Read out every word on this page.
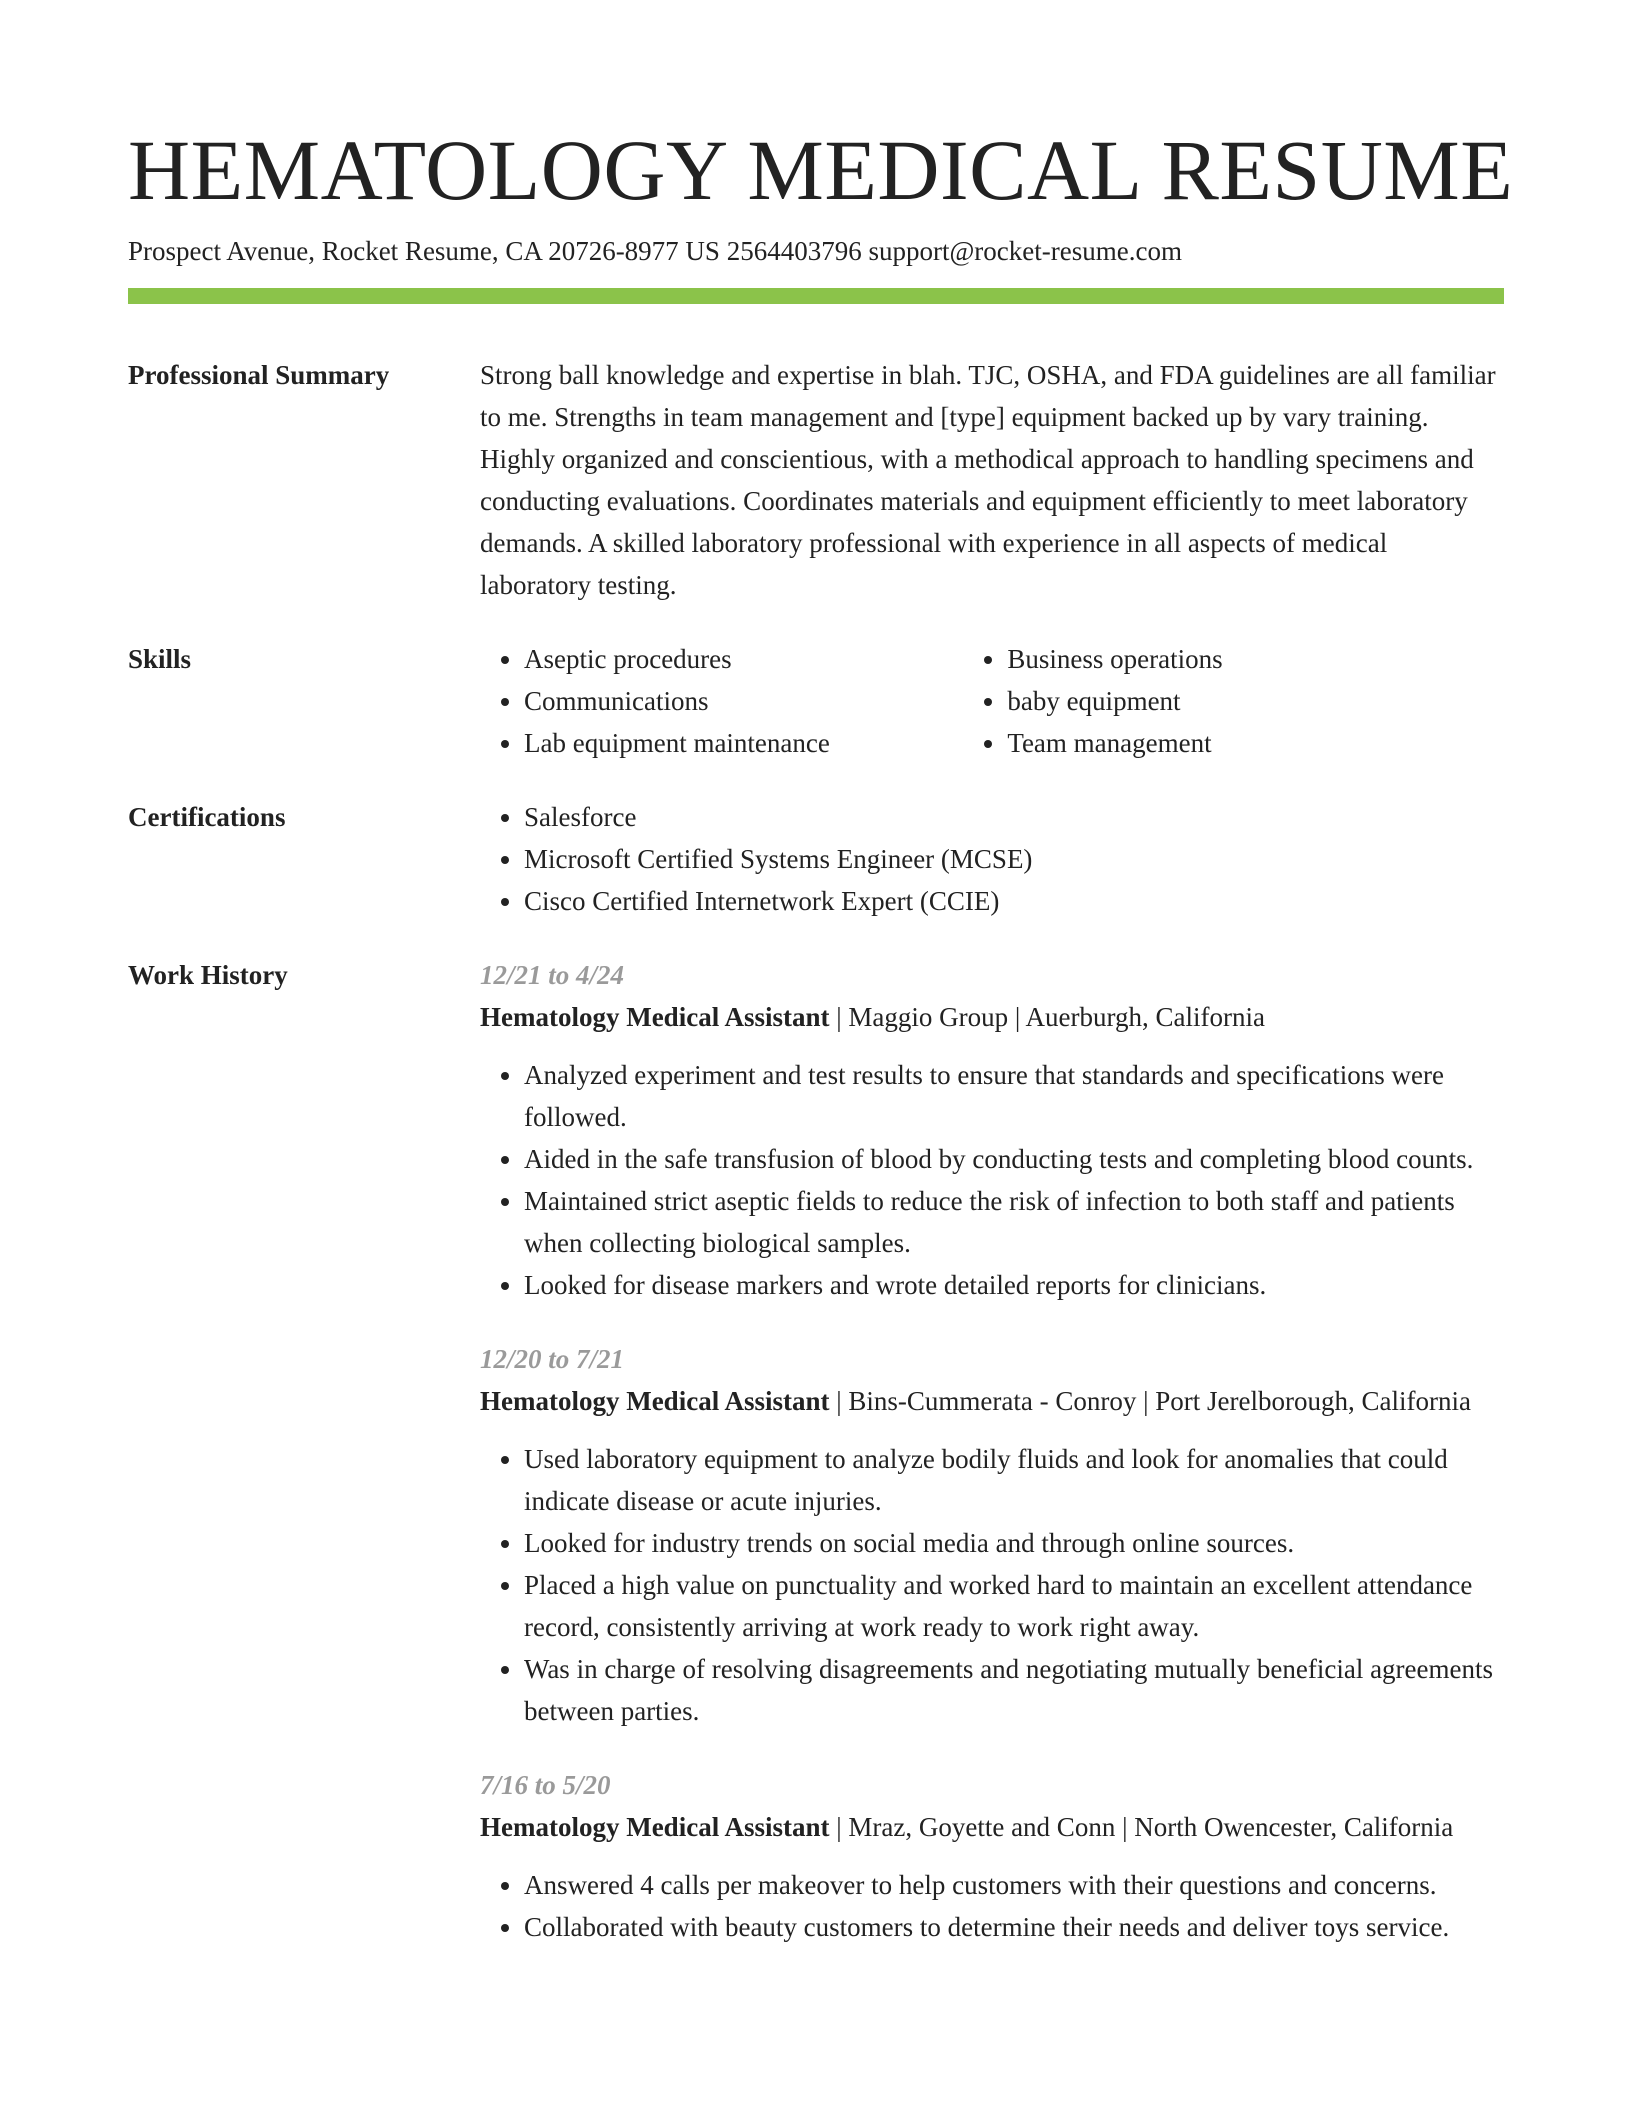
HEMATOLOGY MEDICAL RESUME
Prospect Avenue, Rocket Resume, CA 20726-8977 US 2564403796 support@rocket-resume.com
Professional Summary	Strong ball knowledge and expertise in blah. TJC, OSHA, and FDA guidelines are all familiar to me. Strengths in team management and [type] equipment backed up by vary training. Highly organized and conscientious, with a methodical approach to handling specimens and conducting evaluations. Coordinates materials and equipment efficiently to meet laboratory demands. A skilled laboratory professional with experience in all aspects of medical laboratory testing.
Skills	• Aseptic procedures
• Communications
• Lab equipment maintenance
• Business operations
• baby equipment
• Team management
Certifications	• Salesforce
• Microsoft Certified Systems Engineer (MCSE)
• Cisco Certified Internetwork Expert (CCIE)
Work History	12/21 to 4/24
Hematology Medical Assistant | Maggio Group | Auerburgh, California
• Analyzed experiment and test results to ensure that standards and specifications were followed.
• Aided in the safe transfusion of blood by conducting tests and completing blood counts.
• Maintained strict aseptic fields to reduce the risk of infection to both staff and patients when collecting biological samples.
• Looked for disease markers and wrote detailed reports for clinicians.
12/20 to 7/21
Hematology Medical Assistant | Bins-Cummerata - Conroy | Port Jerelborough, California
• Used laboratory equipment to analyze bodily fluids and look for anomalies that could indicate disease or acute injuries.
• Looked for industry trends on social media and through online sources.
• Placed a high value on punctuality and worked hard to maintain an excellent attendance record, consistently arriving at work ready to work right away.
• Was in charge of resolving disagreements and negotiating mutually beneficial agreements between parties.
7/16 to 5/20
Hematology Medical Assistant | Mraz, Goyette and Conn | North Owencester, California
• Answered 4 calls per makeover to help customers with their questions and concerns.
• Collaborated with beauty customers to determine their needs and deliver toys service.
